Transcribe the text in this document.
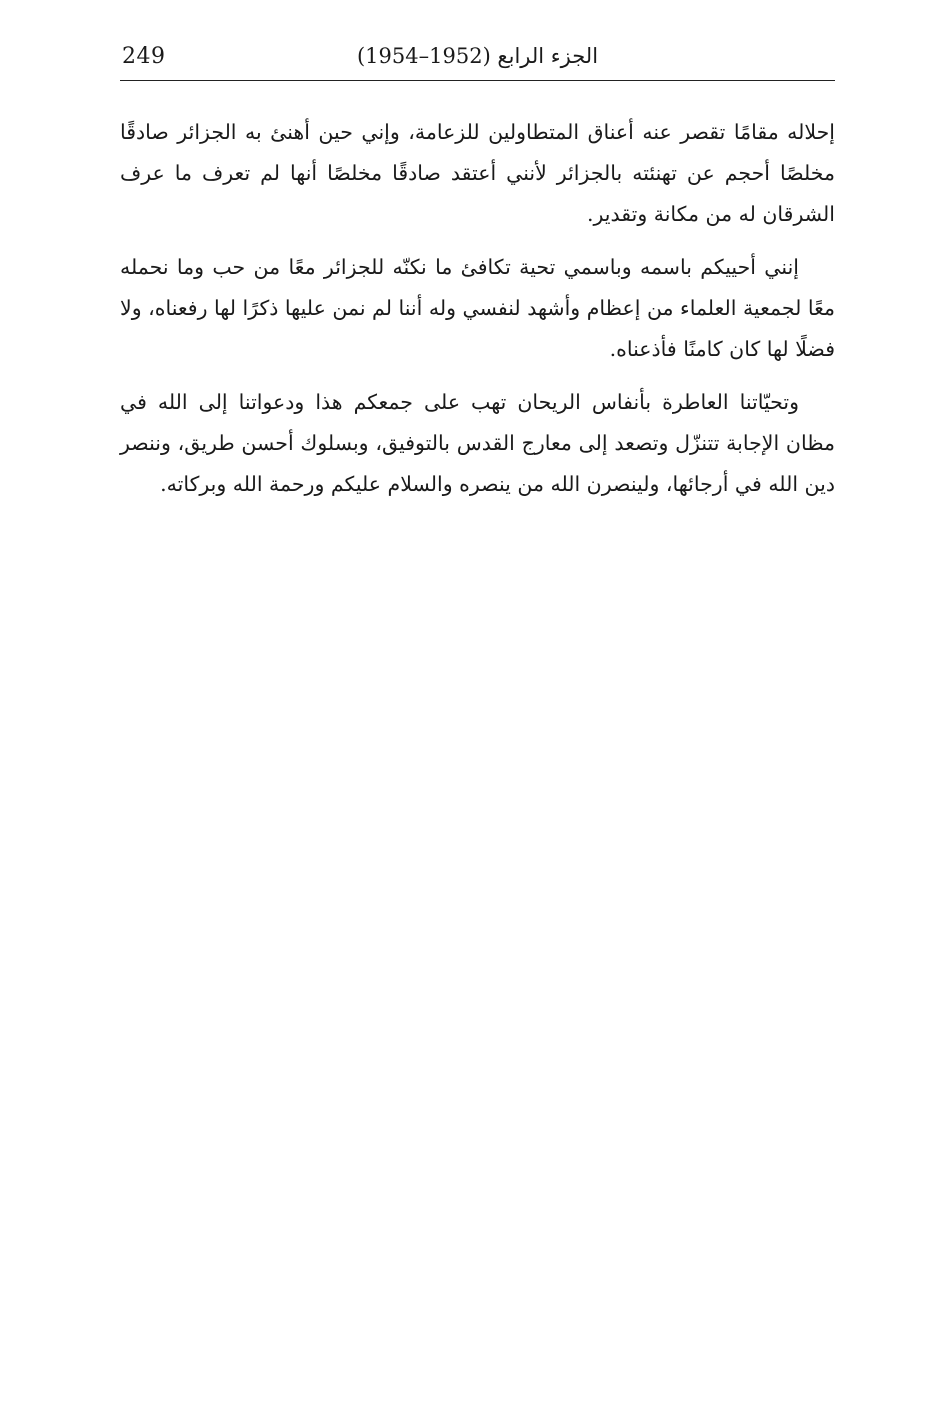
249	الجزء الرابع (1952–1954)

إحلاله مقامًا تقصر عنه أعناق المتطاولين للزعامة، وإني حين أهنئ به الجزائر صادقًا مخلصًا أحجم عن تهنئته بالجزائر لأنني أعتقد صادقًا مخلصًا أنها لم تعرف ما عرف الشرقان له من مكانة وتقدير.

إنني أحييكم باسمه وباسمي تحية تكافئ ما نكنّه للجزائر معًا من حب وما نحمله معًا لجمعية العلماء من إعظام وأشهد لنفسي وله أننا لم نمن عليها ذكرًا لها رفعناه، ولا فضلًا لها كان كامنًا فأذعناه.

وتحيّاتنا العاطرة بأنفاس الريحان تهب على جمعكم هذا ودعواتنا إلى الله في مظان الإجابة تتنزّل وتصعد إلى معارج القدس بالتوفيق، وبسلوك أحسن طريق، وننصر دين الله في أرجائها، ولينصرن الله من ينصره والسلام عليكم ورحمة الله وبركاته.
